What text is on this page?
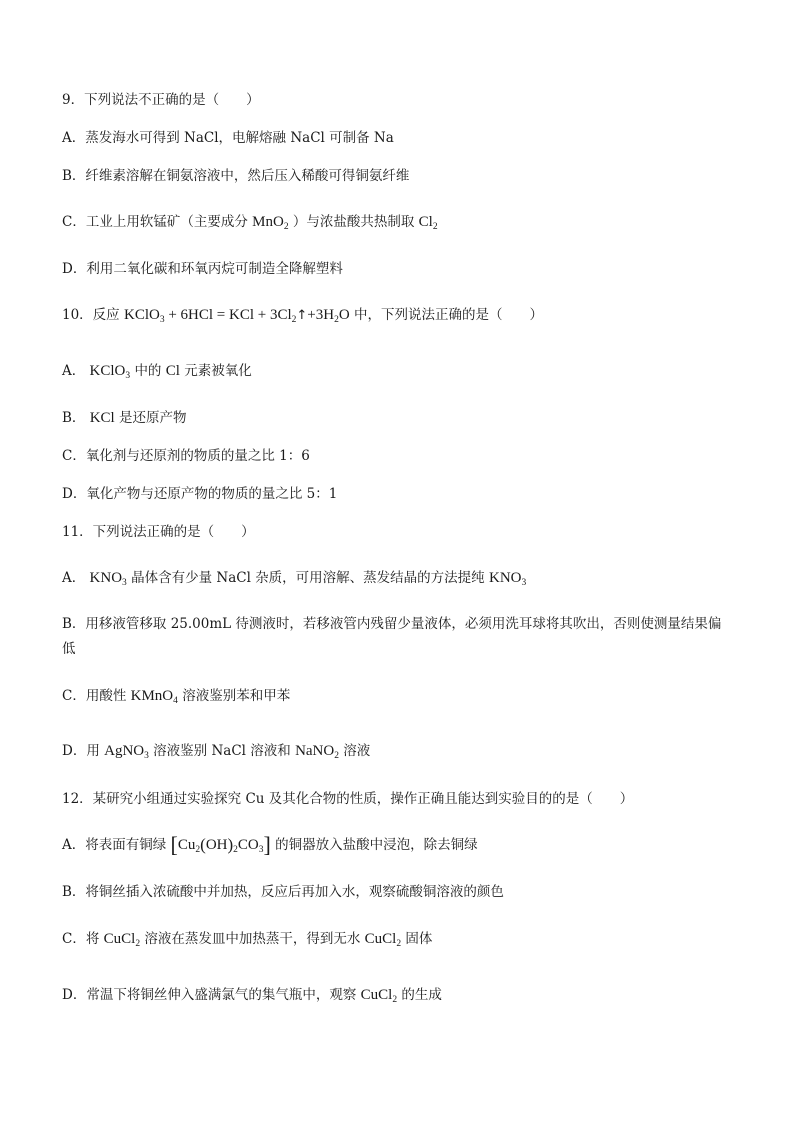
9．下列说法不正确的是（　　）
A．蒸发海水可得到 NaCl，电解熔融 NaCl 可制备 Na
B．纤维素溶解在铜氨溶液中，然后压入稀酸可得铜氨纤维
C．工业上用软锰矿（主要成分 MnO$_2$ ）与浓盐酸共热制取 $Cl_2$
D．利用二氧化碳和环氧丙烷可制造全降解塑料
10．反应 KClO$_3$ + 6HCl = KCl + $3Cl_2↑+3H_2O$ 中，下列说法正确的是（　　）
A． KClO$_3$ 中的 Cl 元素被氧化
B． KCl 是还原产物
C．氧化剂与还原剂的物质的量之比 1：6
D．氧化产物与还原产物的物质的量之比 5：1
11．下列说法正确的是（　　）
A． $KNO_3$ 晶体含有少量 NaCl 杂质，可用溶解、蒸发结晶的方法提纯 $KNO_3$
B．用移液管移取 25.00mL 待测液时，若移液管内残留少量液体，必须用洗耳球将其吹出，否则使测量结果偏低
C．用酸性 KMnO$_4$ 溶液鉴别苯和甲苯
D．用 AgNO$_3$ 溶液鉴别 NaCl 溶液和 NaNO$_2$ 溶液
12．某研究小组通过实验探究 Cu 及其化合物的性质，操作正确且能达到实验目的的是（　　）
A．将表面有铜绿 $[Cu_2(OH)_2CO_3]$ 的铜器放入盐酸中浸泡，除去铜绿
B．将铜丝插入浓硫酸中并加热，反应后再加入水，观察硫酸铜溶液的颜色
C．将 CuCl$_2$ 溶液在蒸发皿中加热蒸干，得到无水 CuCl$_2$ 固体
D．常温下将铜丝伸入盛满氯气的集气瓶中，观察 CuCl$_2$ 的生成
